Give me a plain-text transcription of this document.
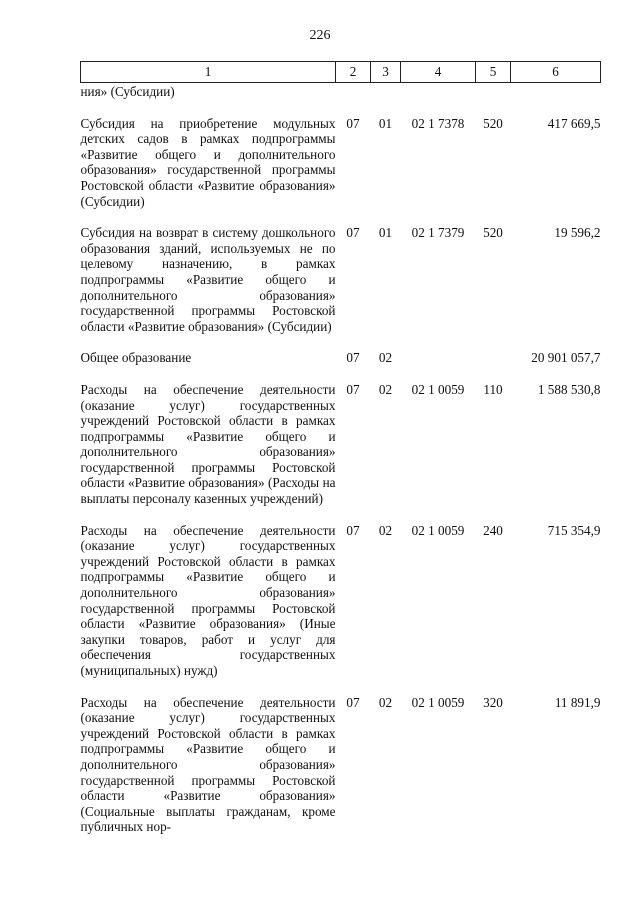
226
1	2	3	4	5	6
ния» (Субсидии)					
Субсидия на приобретение модульных детских садов в рамках подпрограммы «Развитие общего и дополнительного образования» государственной программы Ростовской области «Развитие образования» (Субсидии)	07	01	02 1 7378	520	417 669,5
Субсидия на возврат в систему дошкольного образования зданий, используемых не по целевому назначению, в рамках подпрограммы «Развитие общего и дополнительного образования» государственной программы Ростовской области «Развитие образования» (Субсидии)	07	01	02 1 7379	520	19 596,2
Общее образование	07	02			20 901 057,7
Расходы на обеспечение деятельности (оказание услуг) государственных учреждений Ростовской области в рамках подпрограммы «Развитие общего и дополнительного образования» государственной программы Ростовской области «Развитие образования» (Расходы на выплаты персоналу казенных учреждений)	07	02	02 1 0059	110	1 588 530,8
Расходы на обеспечение деятельности (оказание услуг) государственных учреждений Ростовской области в рамках подпрограммы «Развитие общего и дополнительного образования» государственной программы Ростовской области «Развитие образования» (Иные закупки товаров, работ и услуг для обеспечения государственных (муниципальных) нужд)	07	02	02 1 0059	240	715 354,9
Расходы на обеспечение деятельности (оказание услуг) государственных учреждений Ростовской области в рамках подпрограммы «Развитие общего и дополнительного образования» государственной программы Ростовской области «Развитие образования» (Социальные выплаты гражданам, кроме публичных нор-	07	02	02 1 0059	320	11 891,9
